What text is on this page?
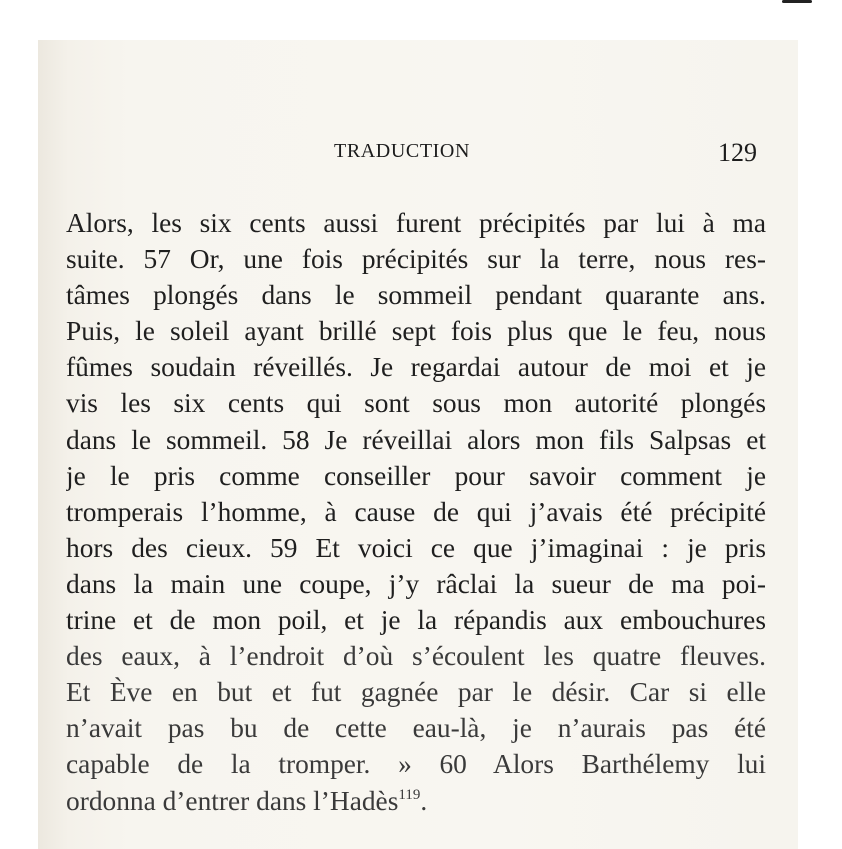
TRADUCTION	129
Alors, les six cents aussi furent précipités par lui à ma
suite. 57 Or, une fois précipités sur la terre, nous res-
tâmes plongés dans le sommeil pendant quarante ans.
Puis, le soleil ayant brillé sept fois plus que le feu, nous
fûmes soudain réveillés. Je regardai autour de moi et je
vis les six cents qui sont sous mon autorité plongés
dans le sommeil. 58 Je réveillai alors mon fils Salpsas et
je le pris comme conseiller pour savoir comment je
tromperais l’homme, à cause de qui j’avais été précipité
hors des cieux. 59 Et voici ce que j’imaginai : je pris
dans la main une coupe, j’y râclai la sueur de ma poi-
trine et de mon poil, et je la répandis aux embouchures
des eaux, à l’endroit d’où s’écoulent les quatre fleuves.
Et Ève en but et fut gagnée par le désir. Car si elle
n’avait pas bu de cette eau-là, je n’aurais pas été
capable de la tromper. » 60 Alors Barthélemy lui
ordonna d’entrer dans l’Hadès$^{119}$.
